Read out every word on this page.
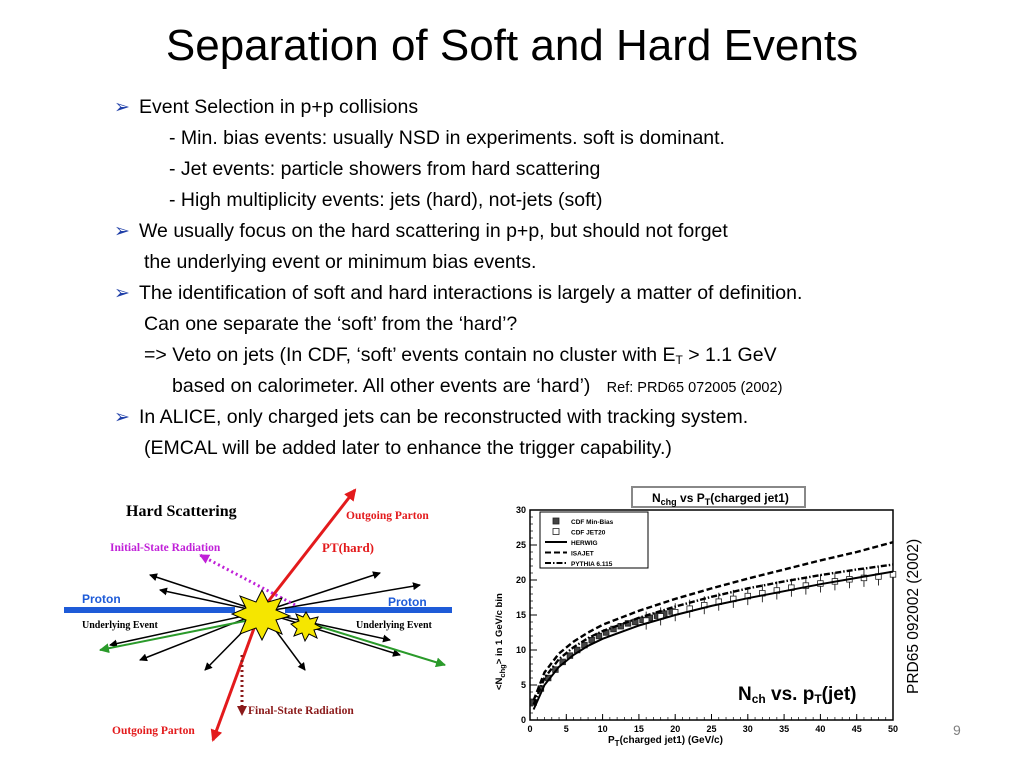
Separation of Soft and Hard Events
➢ Event Selection in p+p collisions
- Min. bias events: usually NSD in experiments. soft is dominant.
- Jet events: particle showers from hard scattering
- High multiplicity events: jets (hard), not-jets (soft)
➢ We usually focus on the hard scattering in p+p, but should not forget
the underlying event or minimum bias events.
➢ The identification of soft and hard interactions is largely a matter of definition.
Can one separate the ‘soft’ from the ‘hard’?
=> Veto on jets (In CDF, ‘soft’ events contain no cluster with $E_T > 1.1$ GeV
based on calorimeter. All other events are ‘hard’) Ref: PRD65 072005 (2002)
➢ In ALICE, only charged jets can be reconstructed with tracking system.
(EMCAL will be added later to enhance the trigger capability.)
Hard Scattering	Outgoing Parton
Initial-State Radiation	PT(hard)
Proton	Proton
Underlying Event	Underlying Event
Final-State Radiation
Outgoing Parton
$N_{chg}$ vs $P_T(charged$ jet1)
0	5	10	15	20	25	30	35	40	45	50
0
5
10
15
20
25
30
$P_T(charged$ jet1) (GeV/c)
$<N_{chg}>$ in 1 GeV/c bin
CDF Min-Bias
CDF JET20
HERWIG
ISAJET
PYTHIA 6.115
$N_{ch}$ vs. $p_T(jet)$
PRD65 092002 (2002)
9
